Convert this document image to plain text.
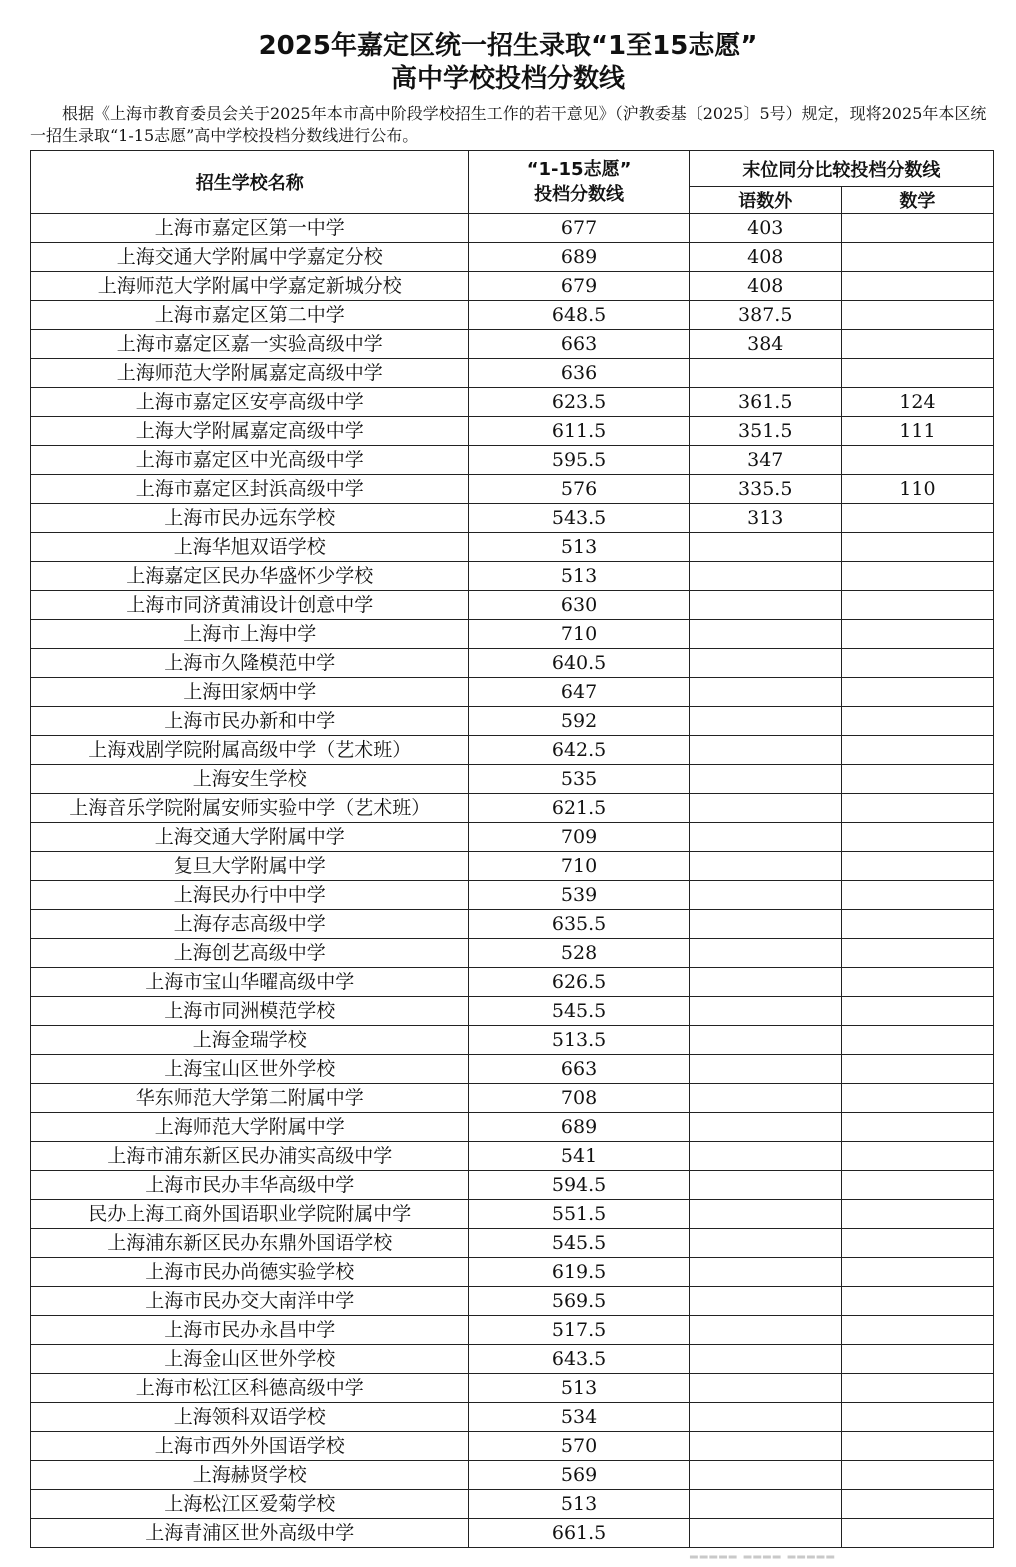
2025年嘉定区统一招生录取“1至15志愿”
高中学校投档分数线
根据《上海市教育委员会关于2025年本市高中阶段学校招生工作的若干意见》（沪教委基〔2025〕5号）规定，现将2025年本区统一招生录取“1-15志愿”高中学校投档分数线进行公布。
招生学校名称	“1-15志愿”
投档分数线	末位同分比较投档分数线	
		语数外	数学
上海市嘉定区第一中学	677	403	
上海交通大学附属中学嘉定分校	689	408	
上海师范大学附属中学嘉定新城分校	679	408	
上海市嘉定区第二中学	648.5	387.5	
上海市嘉定区嘉一实验高级中学	663	384	
上海师范大学附属嘉定高级中学	636		
上海市嘉定区安亭高级中学	623.5	361.5	124
上海大学附属嘉定高级中学	611.5	351.5	111
上海市嘉定区中光高级中学	595.5	347	
上海市嘉定区封浜高级中学	576	335.5	110
上海市民办远东学校	543.5	313	
上海华旭双语学校	513		
上海嘉定区民办华盛怀少学校	513		
上海市同济黄浦设计创意中学	630		
上海市上海中学	710		
上海市久隆模范中学	640.5		
上海田家炳中学	647		
上海市民办新和中学	592		
上海戏剧学院附属高级中学（艺术班）	642.5		
上海安生学校	535		
上海音乐学院附属安师实验中学（艺术班）	621.5		
上海交通大学附属中学	709		
复旦大学附属中学	710		
上海民办行中中学	539		
上海存志高级中学	635.5		
上海创艺高级中学	528		
上海市宝山华曜高级中学	626.5		
上海市同洲模范学校	545.5		
上海金瑞学校	513.5		
上海宝山区世外学校	663		
华东师范大学第二附属中学	708		
上海师范大学附属中学	689		
上海市浦东新区民办浦实高级中学	541		
上海市民办丰华高级中学	594.5		
民办上海工商外国语职业学院附属中学	551.5		
上海浦东新区民办东鼎外国语学校	545.5		
上海市民办尚德实验学校	619.5		
上海市民办交大南洋中学	569.5		
上海市民办永昌中学	517.5		
上海金山区世外学校	643.5		
上海市松江区科德高级中学	513		
上海领科双语学校	534		
上海市西外外国语学校	570		
上海赫贤学校	569		
上海松江区爱菊学校	513		
上海青浦区世外高级中学	661.5		
▂▂▂▂▂ ▂▂▂▂ ▂▂▂▂▂
